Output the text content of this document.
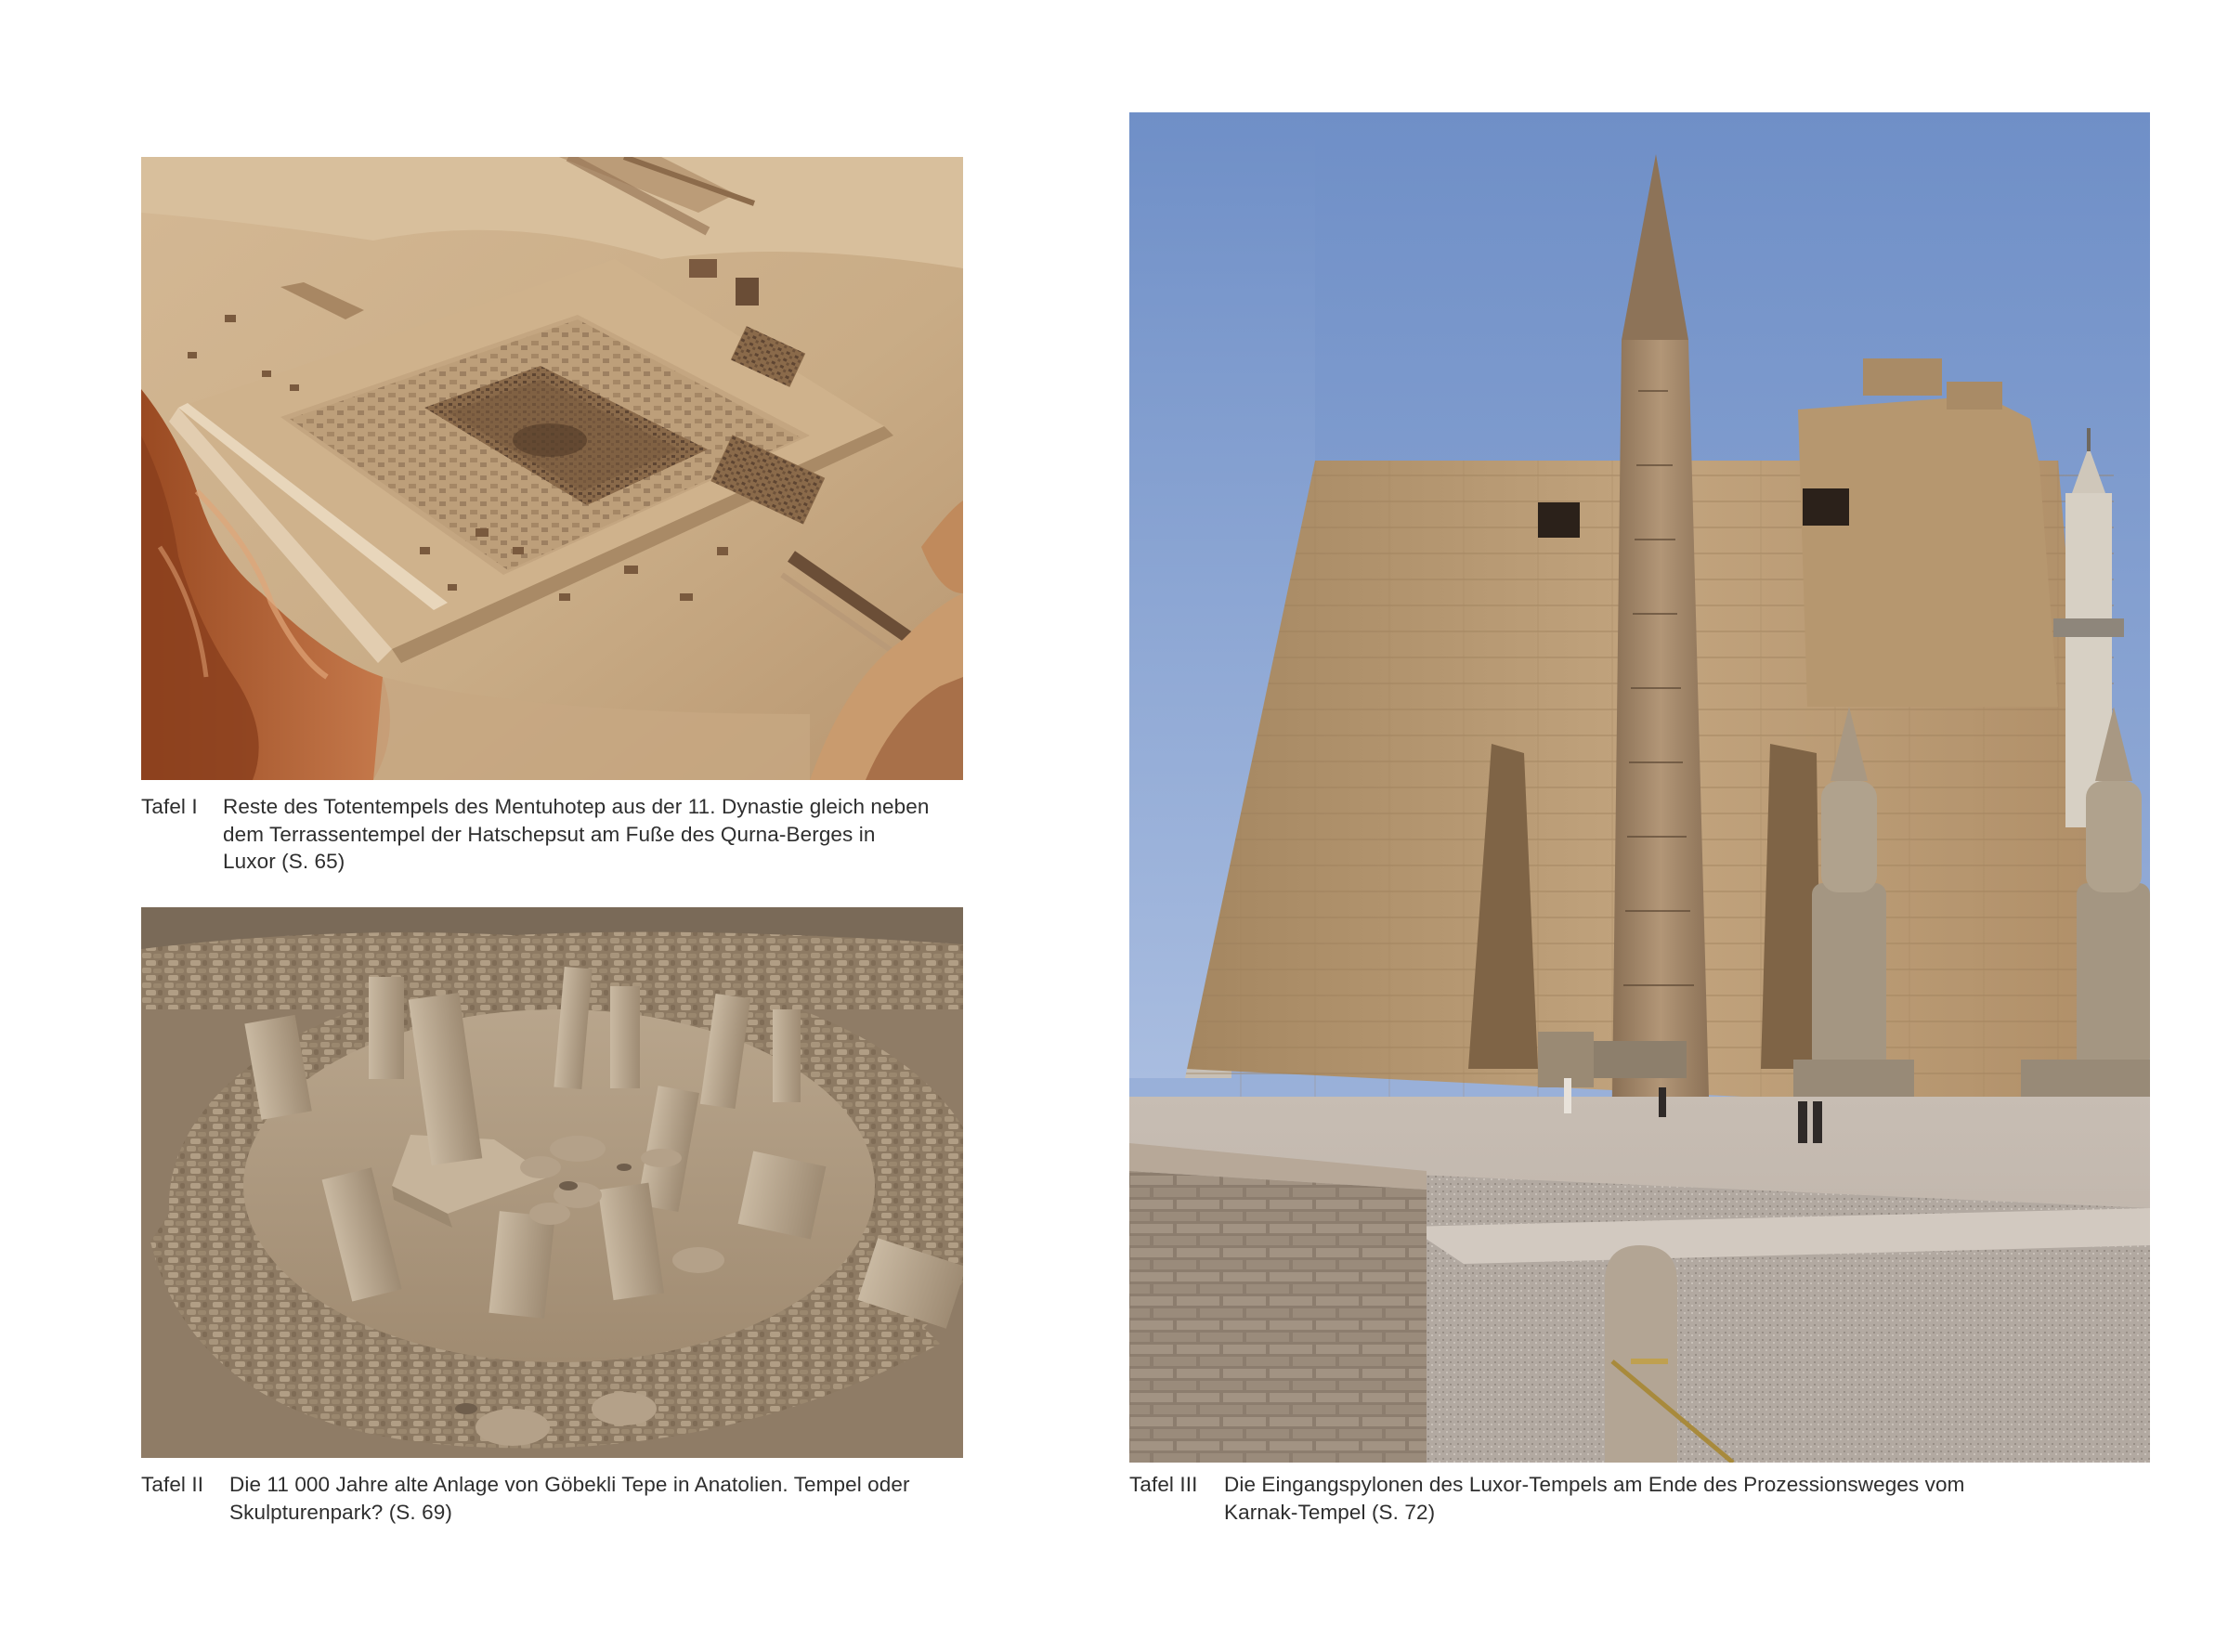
Tafel I Reste des Totentempels des Mentuhotep aus der 11. Dynastie gleich neben
dem Terrassentempel der Hatschepsut am Fuße des Qurna-Berges in
Luxor (S. 65)
Tafel II Die 11 000 Jahre alte Anlage von Göbekli Tepe in Anatolien. Tempel oder
Skulpturenpark? (S. 69)
Tafel III Die Eingangspylonen des Luxor-Tempels am Ende des Prozessionsweges vom
Karnak-Tempel (S. 72)
